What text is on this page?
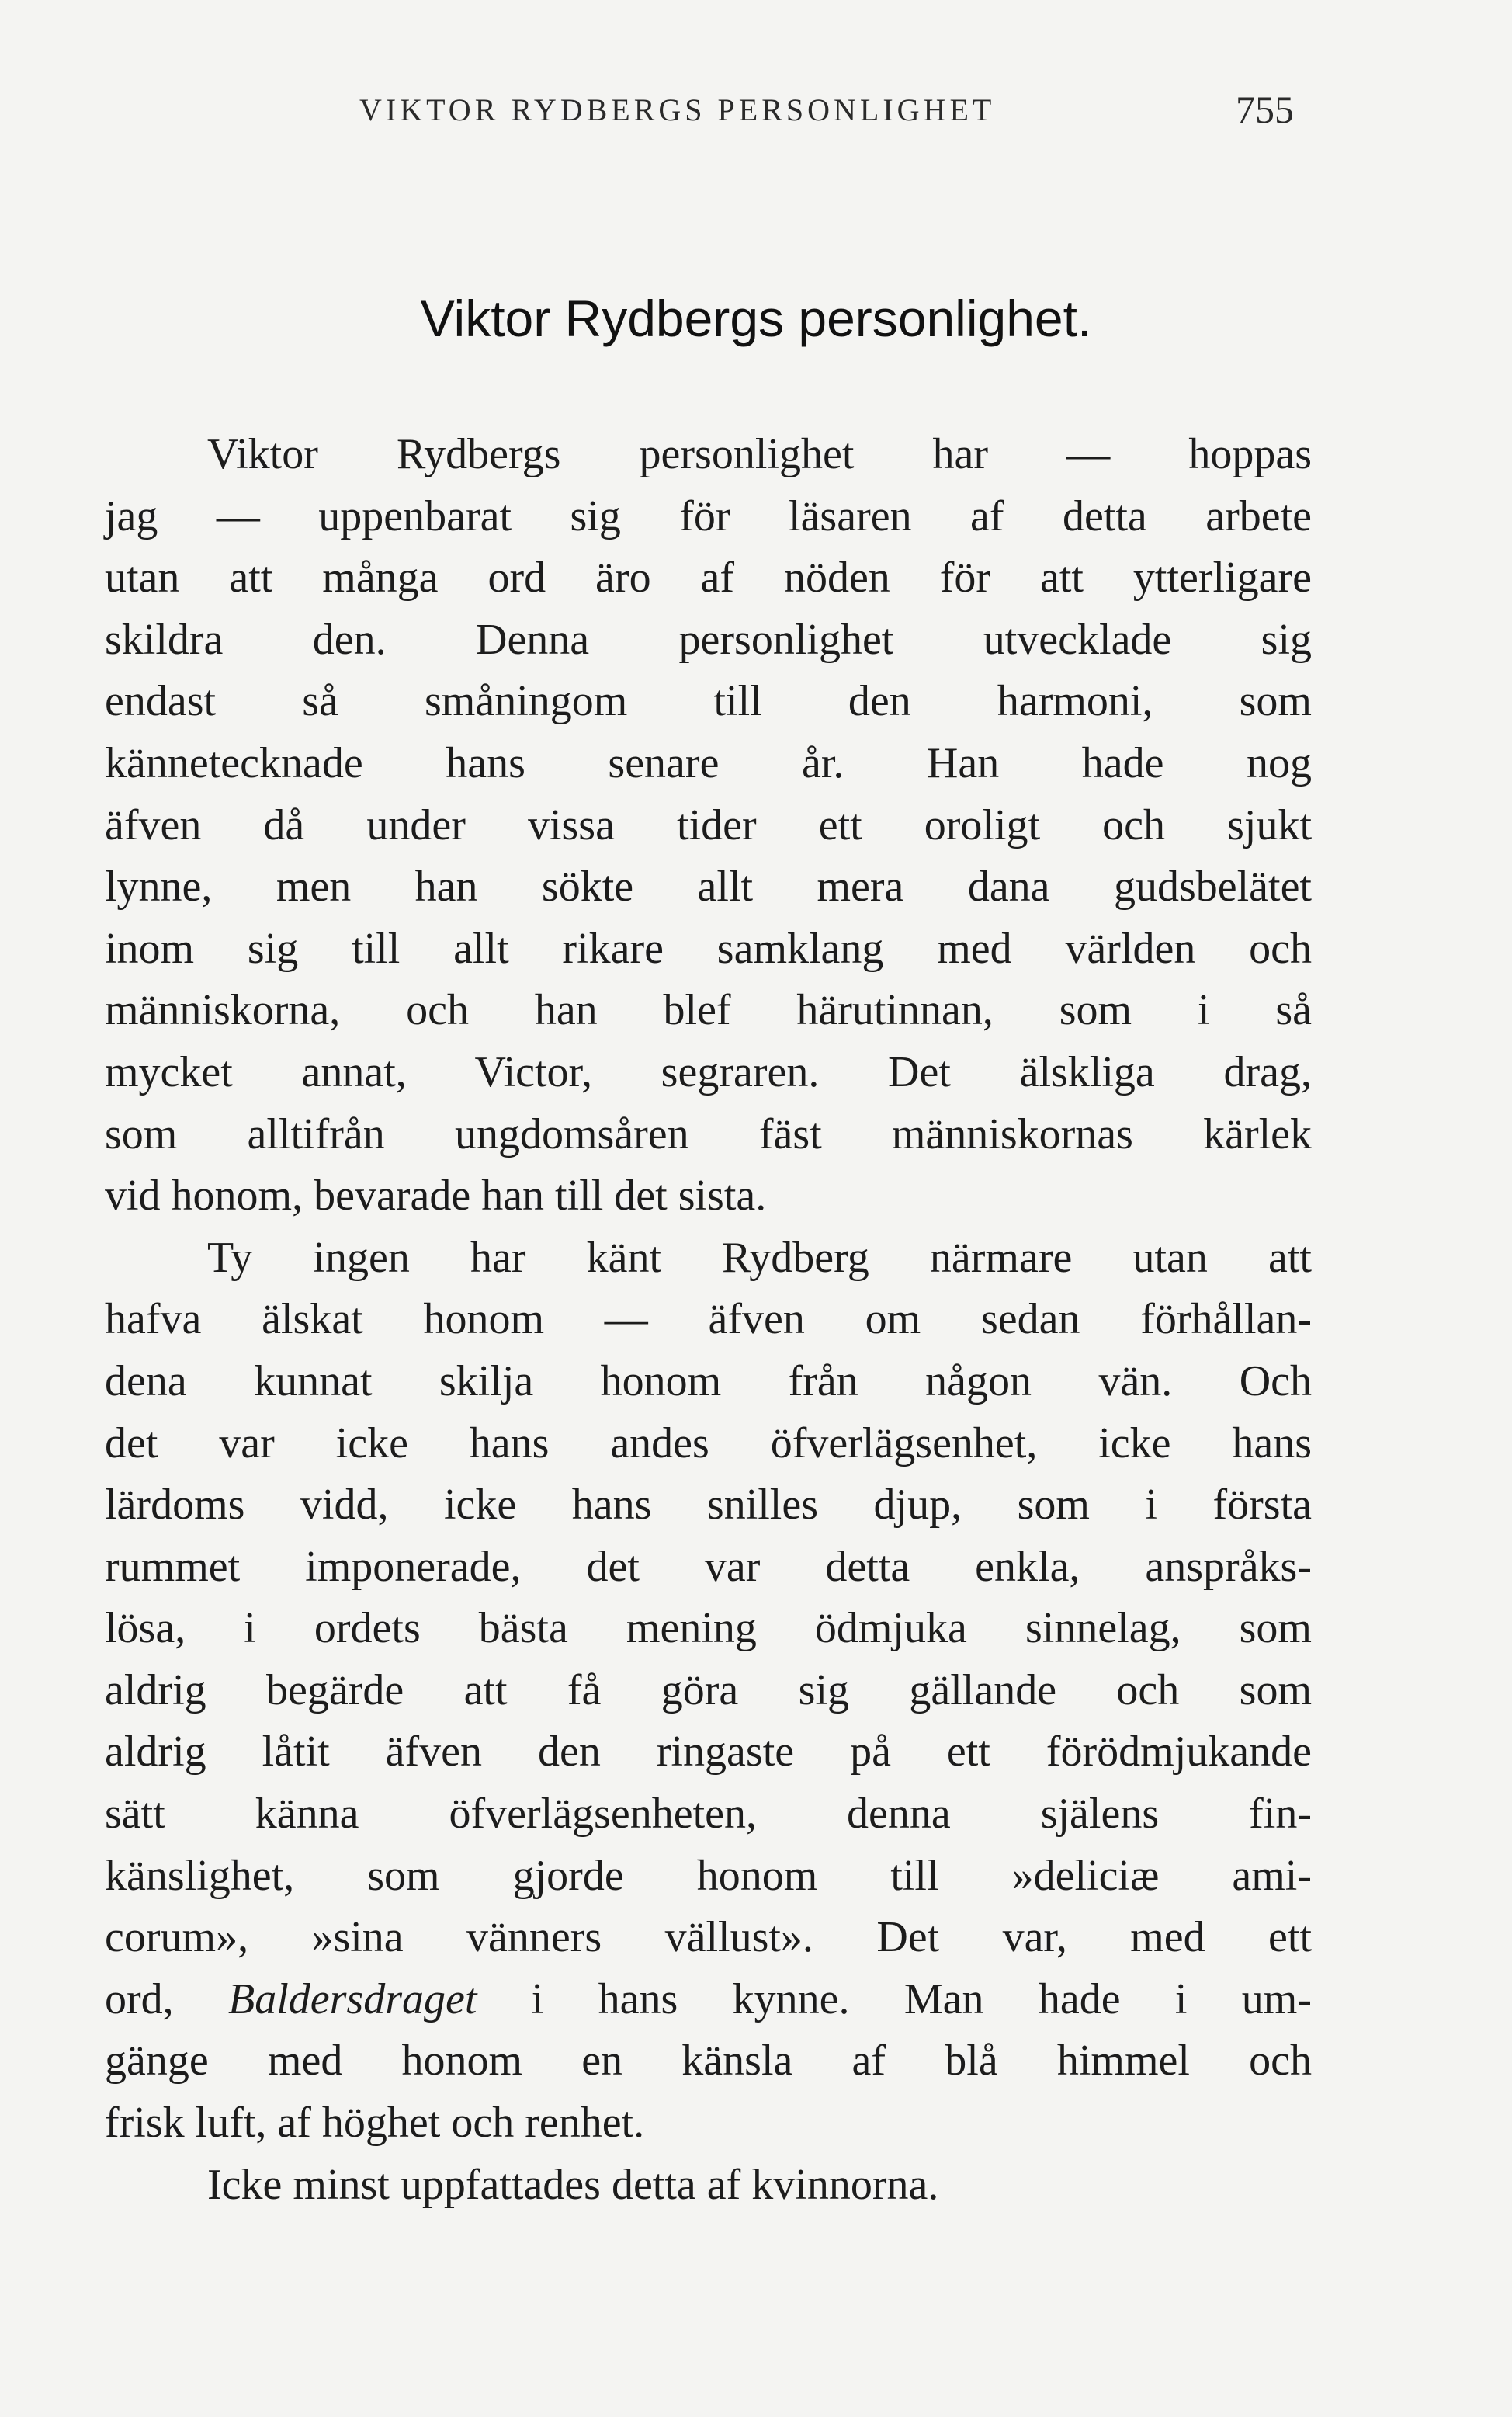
VIKTOR RYDBERGS PERSONLIGHET	755
Viktor Rydbergs personlighet.
Viktor Rydbergs personlighet har — hoppas
jag — uppenbarat sig för läsaren af detta arbete
utan att många ord äro af nöden för att ytterligare
skildra den. Denna personlighet utvecklade sig
endast så småningom till den harmoni, som
kännetecknade hans senare år. Han hade nog
äfven då under vissa tider ett oroligt och sjukt
lynne, men han sökte allt mera dana gudsbelätet
inom sig till allt rikare samklang med världen och
människorna, och han blef härutinnan, som i så
mycket annat, Victor, segraren. Det älskliga drag,
som alltifrån ungdomsåren fäst människornas kärlek
vid honom, bevarade han till det sista.
Ty ingen har känt Rydberg närmare utan att
hafva älskat honom — äfven om sedan förhållan-
dena kunnat skilja honom från någon vän. Och
det var icke hans andes öfverlägsenhet, icke hans
lärdoms vidd, icke hans snilles djup, som i första
rummet imponerade, det var detta enkla, anspråks-
lösa, i ordets bästa mening ödmjuka sinnelag, som
aldrig begärde att få göra sig gällande och som
aldrig låtit äfven den ringaste på ett förödmjukande
sätt känna öfverlägsenheten, denna själens fin-
känslighet, som gjorde honom till »deliciæ ami-
corum», »sina vänners vällust». Det var, med ett
ord, Baldersdraget i hans kynne. Man hade i um-
gänge med honom en känsla af blå himmel och
frisk luft, af höghet och renhet.
Icke minst uppfattades detta af kvinnorna.
